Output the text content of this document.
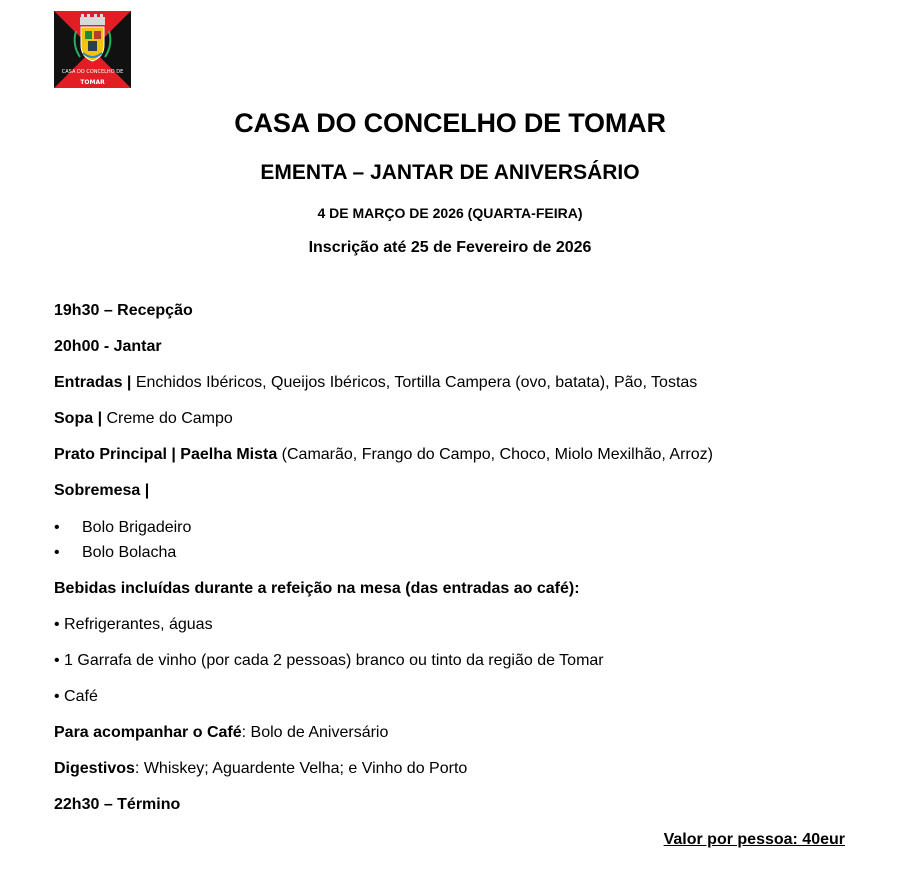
CASA DO CONCELHO DE
TOMAR
CASA DO CONCELHO DE TOMAR
EMENTA – JANTAR DE ANIVERSÁRIO
4 DE MARÇO DE 2026 (QUARTA-FEIRA)
Inscrição até 25 de Fevereiro de 2026
19h30 – Recepção
20h00 - Jantar
Entradas | Enchidos Ibéricos, Queijos Ibéricos, Tortilla Campera (ovo, batata), Pão, Tostas
Sopa | Creme do Campo
Prato Principal | Paelha Mista (Camarão, Frango do Campo, Choco, Miolo Mexilhão, Arroz)
Sobremesa |
• Bolo Brigadeiro
• Bolo Bolacha
Bebidas incluídas durante a refeição na mesa (das entradas ao café):
• Refrigerantes, águas
• 1 Garrafa de vinho (por cada 2 pessoas) branco ou tinto da região de Tomar
• Café
Para acompanhar o Café: Bolo de Aniversário
Digestivos: Whiskey; Aguardente Velha; e Vinho do Porto
22h30 – Término
Valor por pessoa: 40eur
